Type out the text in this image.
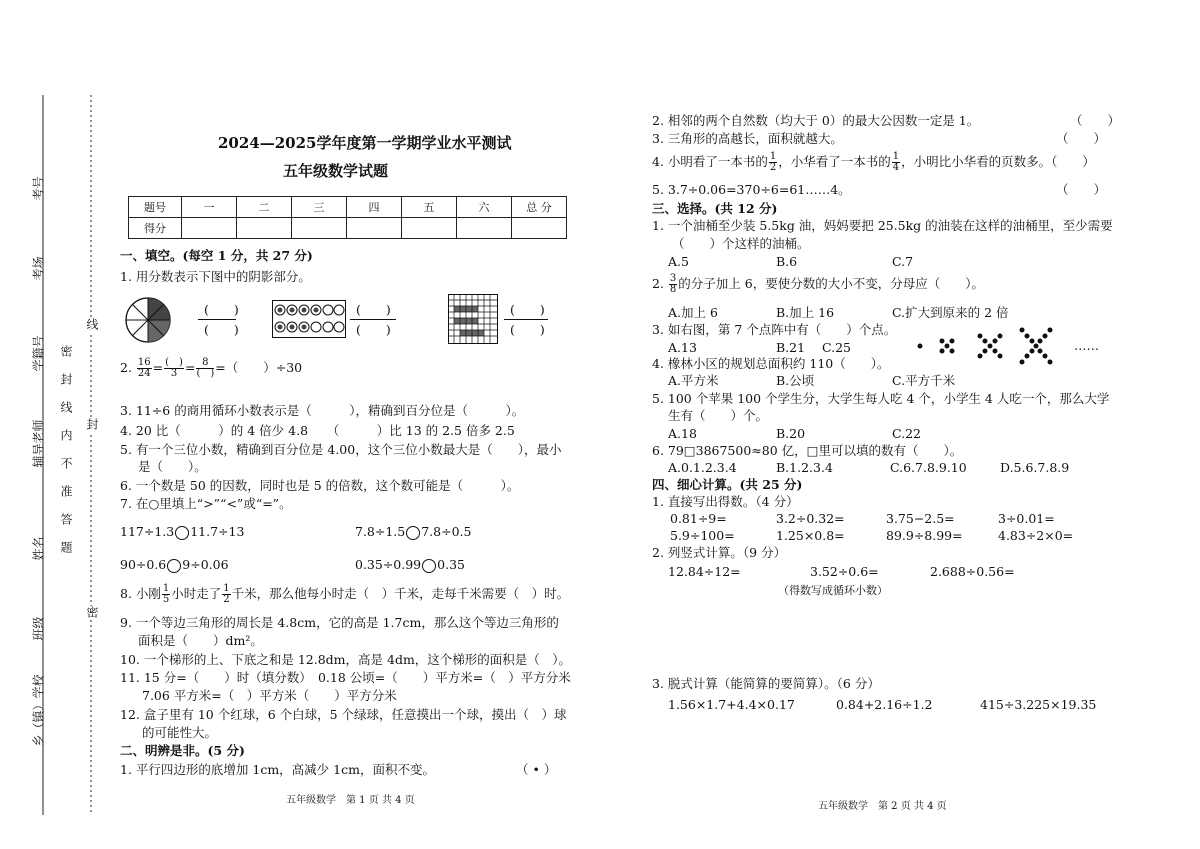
考号
考场
学籍号
辅导老师
姓名
班级
乡（镇）学校
密　封　线　内　不　准　答　题
线
封
密
2024—2025学年度第一学期学业水平测试
五年级数学试题
题号	一	二	三	四	五	六	总 分
得分							
一、填空。(每空 1 分，共 27 分)
1. 用分数表示下图中的阴影部分。
(　　)
(　　)
(　　)
(　　)
(　　)
(　　)
2. $\frac{16}{24} = \frac{( )}{3} = \frac{8}{( )}$ =（　　）÷30
3. 11÷6 的商用循环小数表示是（　　　），精确到百分位是（　　　）。
4. 20 比（　　　）的 4 倍少 4.8　　（　　　）比 13 的 2.5 倍多 2.5
5. 有一个三位小数，精确到百分位是 4.00，这个三位小数最大是（　　），最小
是（　　）。
6. 一个数是 50 的因数，同时也是 5 的倍数，这个数可能是（　　　）。
7. 在○里填上“>”“<”或“=”。
117÷1.3 11.7÷13	7.8÷1.5 7.8÷0.5
90÷0.6 9÷0.06	0.35÷0.99 0.35
8. 小刚 $\frac{1}{5}$ 小时走了 $\frac{1}{2}$ 千米，那么他每小时走（　）千米，走每千米需要（　）时。
9. 一个等边三角形的周长是 4.8cm，它的高是 1.7cm，那么这个等边三角形的
面积是（　　）dm²。
10. 一个梯形的上、下底之和是 12.8dm，高是 4dm，这个梯形的面积是（　）。
11. 15 分=（　　）时（填分数）　0.18 公顷=（　　）平方米=（　）平方分米
7.06 平方米=（　）平方米（　　）平方分米
12. 盒子里有 10 个红球，6 个白球，5 个绿球，任意摸出一个球，摸出（　）球
的可能性大。
二、明辨是非。(5 分)
1. 平行四边形的底增加 1cm，高减少 1cm，面积不变。	（ • ）
五年级数学　第 1 页 共 4 页
2. 相邻的两个自然数（均大于 0）的最大公因数一定是 1。	（　　）
3. 三角形的高越长，面积就越大。	（　　）
4. 小明看了一本书的 $\frac{1}{2}$ ，小华看了一本书的 $\frac{1}{4}$ ，小明比小华看的页数多。（　　）
5. 3.7÷0.06=370÷6=61……4。	（　　）
三、选择。(共 12 分)
1. 一个油桶至少装 5.5kg 油，妈妈要把 25.5kg 的油装在这样的油桶里，至少需要
（　　）个这样的油桶。
A.5	B.6	C.7
2. $\frac{3}{8}$ 的分子加上 6，要使分数的大小不变，分母应（　　）。
A.加上 6	B.加上 16	C.扩大到原来的 2 倍
3. 如右图，第 7 个点阵中有（　　）个点。
A.13	B.21 C.25	……
4. 橡林小区的规划总面积约 110（　　）。
A.平方米	B.公顷	C.平方千米
5. 100 个苹果 100 个学生分，大学生每人吃 4 个，小学生 4 人吃一个，那么大学
生有（　　）个。
A.18	B.20	C.22
6. 79□3867500≈80 亿，□里可以填的数有（　　）。
A.0.1.2.3.4	B.1.2.3.4	C.6.7.8.9.10	D.5.6.7.8.9
四、细心计算。(共 25 分)
1. 直接写出得数。（4 分）
0.81÷9=	3.2÷0.32=	3.75−2.5=	3÷0.01=
5.9÷100=	1.25×0.8=	89.9÷8.99=	4.83÷2×0=
2. 列竖式计算。（9 分）
12.84÷12=	3.52÷0.6=	2.688÷0.56=
（得数写成循环小数）
3. 脱式计算（能简算的要简算）。（6 分）
1.56×1.7+4.4×0.17	0.84+2.16÷1.2	415÷3.225×19.35
五年级数学　第 2 页 共 4 页
